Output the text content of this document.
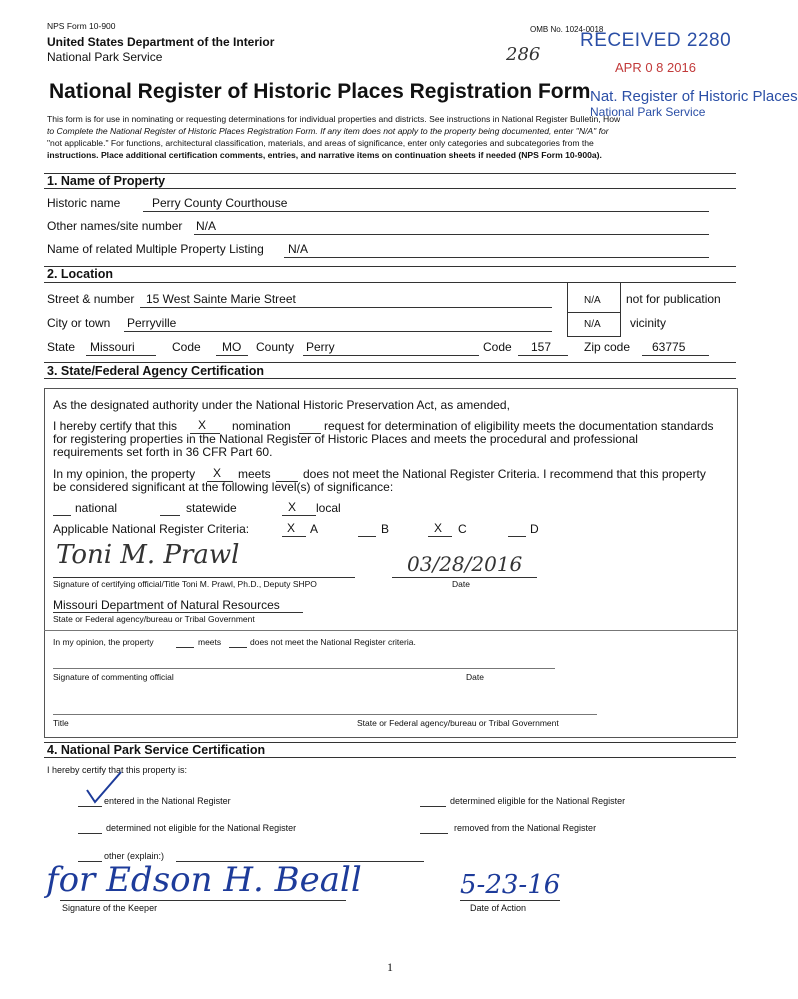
NPS Form 10-900
United States Department of the Interior
National Park Service
OMB No. 1024-0018
286
RECEIVED 2280
APR 0 8 2016
Nat. Register of Historic Places
National Park Service
National Register of Historic Places Registration Form
This form is for use in nominating or requesting determinations for individual properties and districts. See instructions in National Register Bulletin, How
to Complete the National Register of Historic Places Registration Form. If any item does not apply to the property being documented, enter "N/A" for
"not applicable." For functions, architectural classification, materials, and areas of significance, enter only categories and subcategories from the
instructions. Place additional certification comments, entries, and narrative items on continuation sheets if needed (NPS Form 10-900a).
1. Name of Property
Historic name	Perry County Courthouse
Other names/site number N/A
Name of related Multiple Property Listing N/A
2. Location
Street & number 15 West Sainte Marie Street	N/A not for publication
City or town Perryville	N/A vicinity
State Missouri	Code MO County Perry	Code 157	Zip code 63775
3. State/Federal Agency Certification
As the designated authority under the National Historic Preservation Act, as amended,
I hereby certify that this X nomination	request for determination of eligibility meets the documentation standards
for registering properties in the National Register of Historic Places and meets the procedural and professional
requirements set forth in 36 CFR Part 60.
In my opinion, the property X meets	does not meet the National Register Criteria. I recommend that this property
be considered significant at the following level(s) of significance:
national	statewide	X local
Applicable National Register Criteria:	X A	B	X C	D
Toni M. Prawl	03/28/2016
Signature of certifying official/Title Toni M. Prawl, Ph.D., Deputy SHPO	Date
Missouri Department of Natural Resources
State or Federal agency/bureau or Tribal Government
In my opinion, the property	meets	does not meet the National Register criteria.
Signature of commenting official	Date
Title	State or Federal agency/bureau or Tribal Government
4. National Park Service Certification
I hereby certify that this property is:
entered in the National Register	determined eligible for the National Register
determined not eligible for the National Register	removed from the National Register
other (explain:)
for Edson H. Beall	5-23-16
Signature of the Keeper	Date of Action
1
